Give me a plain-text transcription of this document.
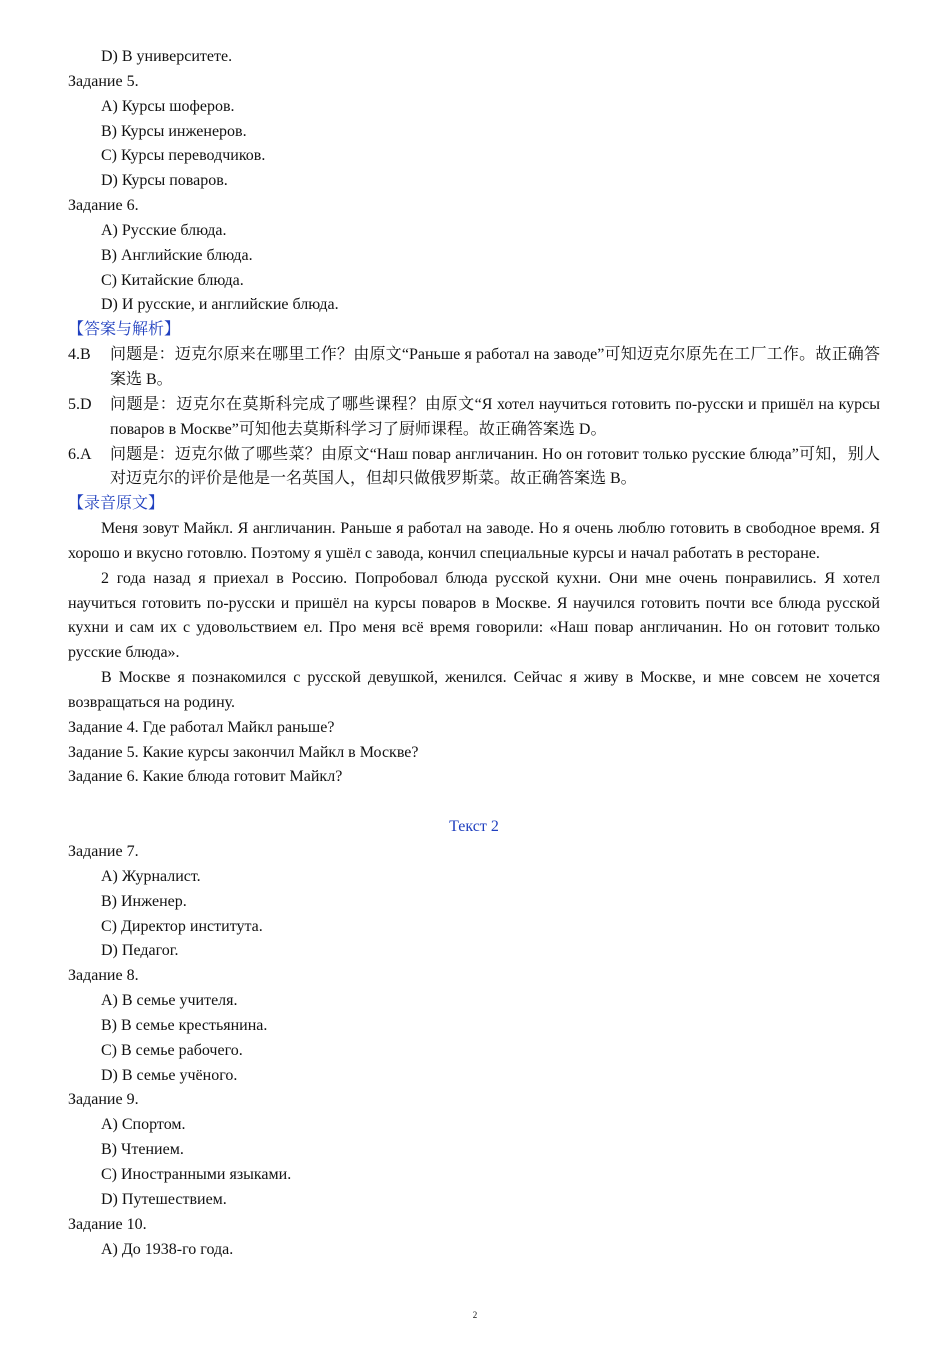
D) В университете.
Задание 5.
А) Курсы шоферов.
В) Курсы инженеров.
С) Курсы переводчиков.
D) Курсы поваров.
Задание 6.
А) Русские блюда.
В) Английские блюда.
С) Китайские блюда.
D) И русские, и английские блюда.
【答案与解析】
4.B	问题是：迈克尔原来在哪里工作？由原文“Раньше я работал на заводе”可知迈克尔原先在工厂工作。故正确答案选 B。
5.D	问题是：迈克尔在莫斯科完成了哪些课程？由原文“Я хотел научиться готовить по-русски и пришёл на курсы поваров в Москве”可知他去莫斯科学习了厨师课程。故正确答案选 D。
6.A	问题是：迈克尔做了哪些菜？由原文“Наш повар англичанин. Но он готовит только русские блюда”可知，别人对迈克尔的评价是他是一名英国人，但却只做俄罗斯菜。故正确答案选 B。
【录音原文】

Меня зовут Майкл. Я англичанин. Раньше я работал на заводе. Но я очень люблю готовить в свободное время. Я хорошо и вкусно готовлю. Поэтому я ушёл с завода, кончил специальные курсы и начал работать в ресторане.

2 года назад я приехал в Россию. Попробовал блюда русской кухни. Они мне очень понравились. Я хотел научиться готовить по-русски и пришёл на курсы поваров в Москве. Я научился готовить почти все блюда русской кухни и сам их с удовольствием ел. Про меня всё время говорили: «Наш повар англичанин. Но он готовит только русские блюда».

В Москве я познакомился с русской девушкой, женился. Сейчас я живу в Москве, и мне совсем не хочется возвращаться на родину.

Задание 4. Где работал Майкл раньше?
Задание 5. Какие курсы закончил Майкл в Москве?
Задание 6. Какие блюда готовит Майкл?
Текст 2
Задание 7.
А) Журналист.
В) Инженер.
С) Директор института.
D) Педагог.
Задание 8.
А) В семье учителя.
В) В семье крестьянина.
С) В семье рабочего.
D) В семье учёного.
Задание 9.
А) Спортом.
В) Чтением.
С) Иностранными языками.
D) Путешествием.
Задание 10.
А) До 1938-го года.
2
